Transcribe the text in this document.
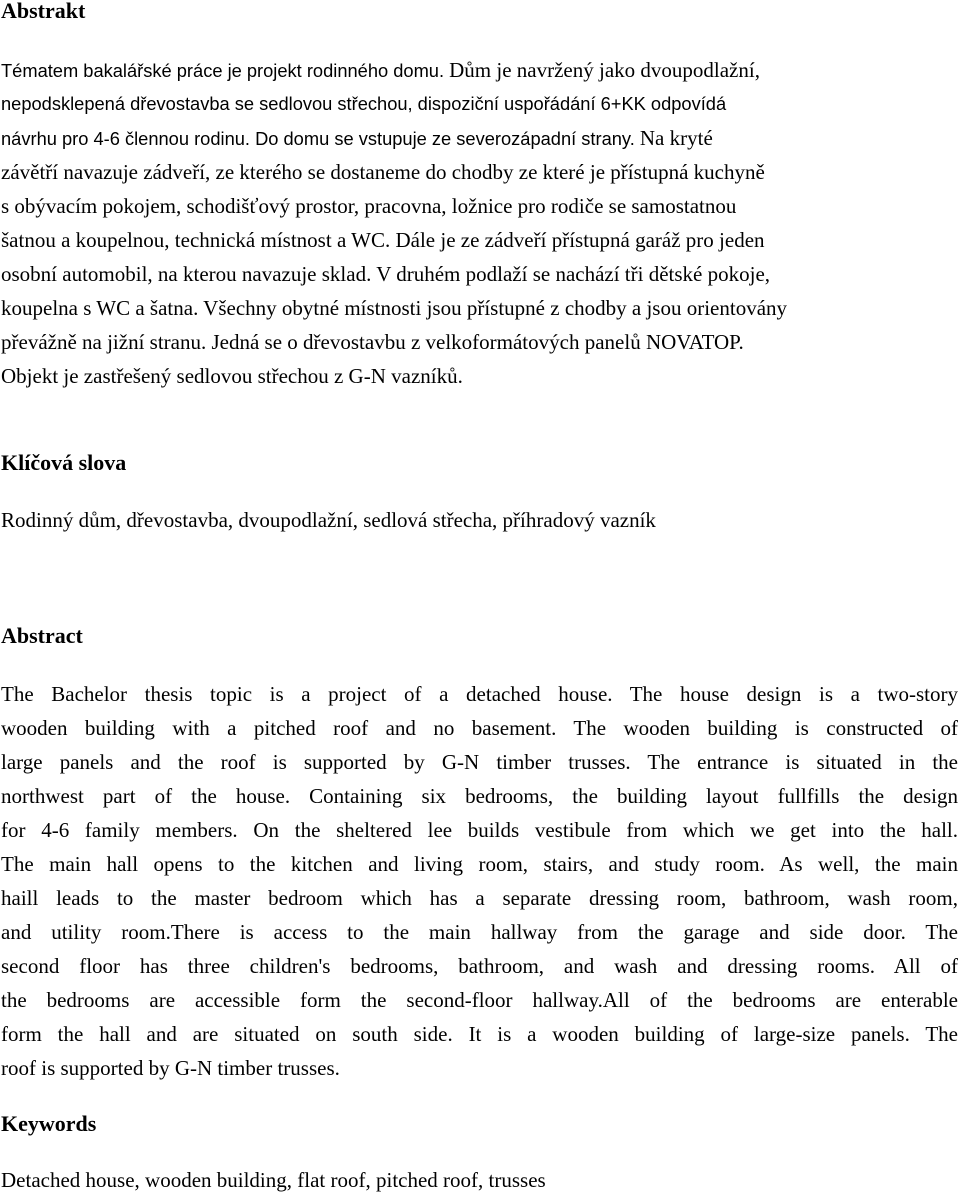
Abstrakt
Tématem bakalářské práce je projekt rodinného domu. Dům je navržený jako dvoupodlažní,
nepodsklepená dřevostavba se sedlovou střechou, dispoziční uspořádání 6+KK odpovídá
návrhu pro 4-6 člennou rodinu. Do domu se vstupuje ze severozápadní strany. Na kryté
závětří navazuje zádveří, ze kterého se dostaneme do chodby ze které je přístupná kuchyně
s obývacím pokojem, schodišťový prostor, pracovna, ložnice pro rodiče se samostatnou
šatnou a koupelnou, technická místnost a WC. Dále je ze zádveří přístupná garáž pro jeden
osobní automobil, na kterou navazuje sklad. V druhém podlaží se nachází tři dětské pokoje,
koupelna s WC a šatna. Všechny obytné místnosti jsou přístupné z chodby a jsou orientovány
převážně na jižní stranu. Jedná se o dřevostavbu z velkoformátových panelů NOVATOP.
Objekt je zastřešený sedlovou střechou z G-N vazníků.
Klíčová slova
Rodinný dům, dřevostavba, dvoupodlažní, sedlová střecha, příhradový vazník
Abstract
The Bachelor thesis topic is a project of a detached house. The house design is a two-story
wooden building with a pitched roof and no basement. The wooden building is constructed of
large panels and the roof is supported by G-N timber trusses. The entrance is situated in the
northwest part of the house. Containing six bedrooms, the building layout fullfills the design
for 4-6 family members. On the sheltered lee builds vestibule from which we get into the hall.
The main hall opens to the kitchen and living room, stairs, and study room. As well, the main
haill leads to the master bedroom which has a separate dressing room, bathroom, wash room,
and utility room.There is access to the main hallway from the garage and side door. The
second floor has three children's bedrooms, bathroom, and wash and dressing rooms. All of
the bedrooms are accessible form the second-floor hallway.All of the bedrooms are enterable
form the hall and are situated on south side. It is a wooden building of large-size panels. The
roof is supported by G-N timber trusses.
Keywords
Detached house, wooden building, flat roof, pitched roof, trusses
